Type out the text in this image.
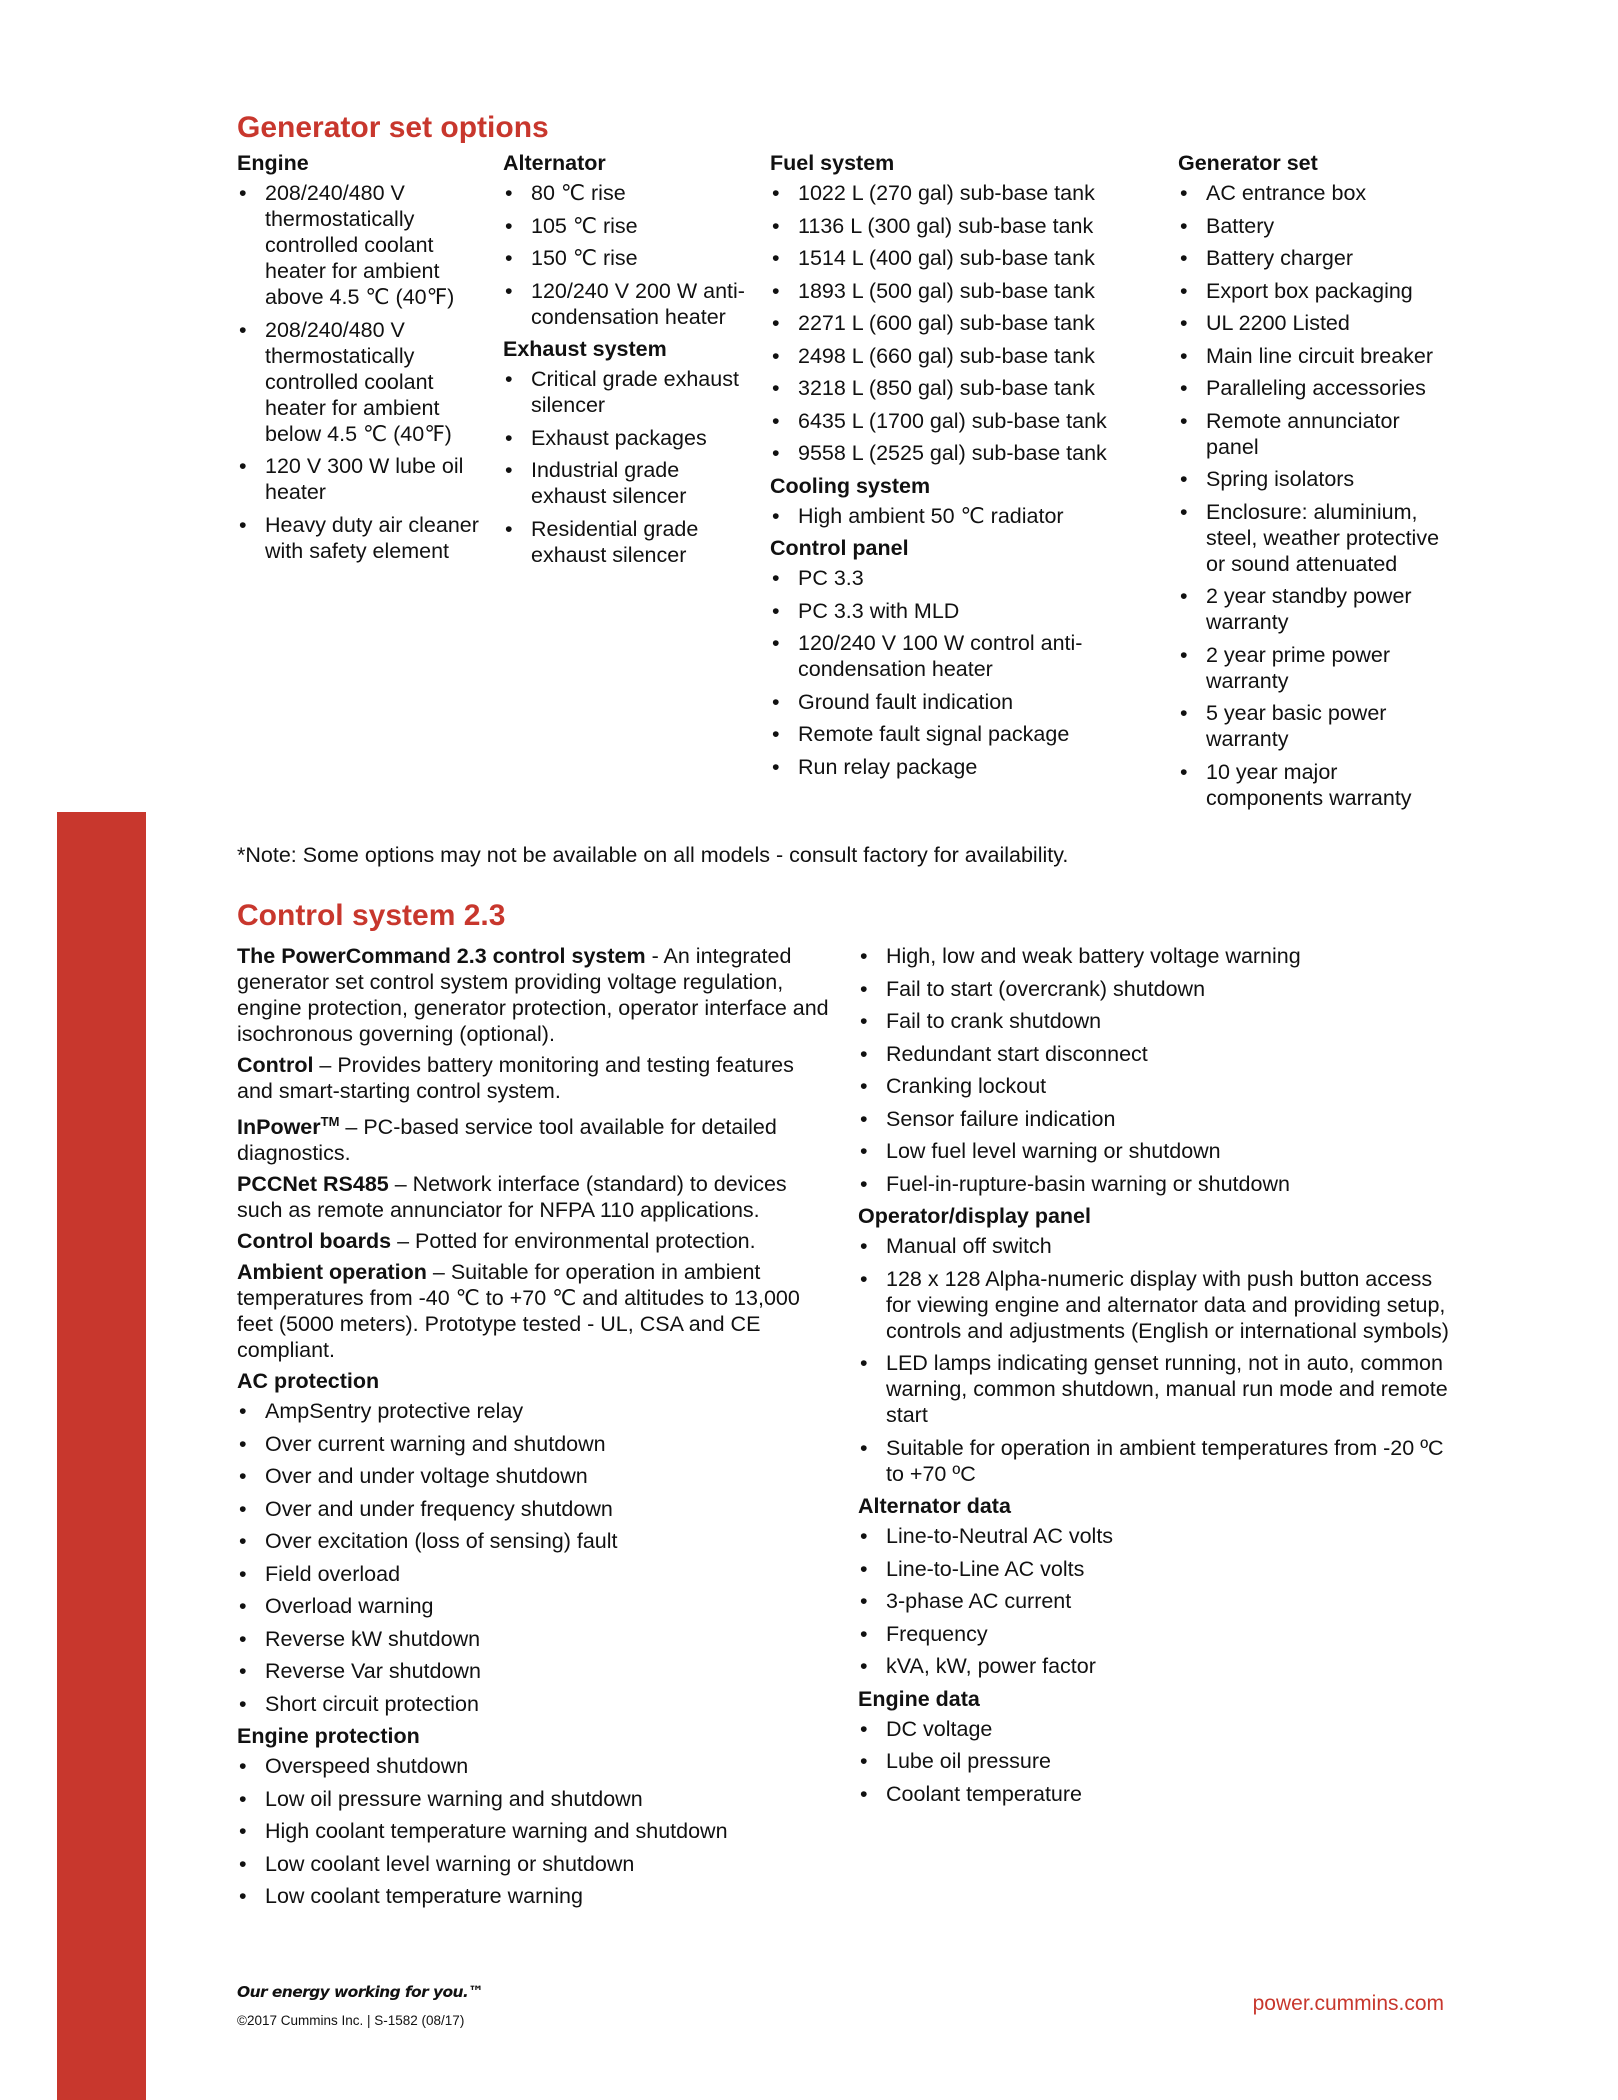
Generator set options
Engine
• 208/240/480 V thermostatically controlled coolant heater for ambient above 4.5 ℃ (40℉)
• 208/240/480 V thermostatically controlled coolant heater for ambient below 4.5 ℃ (40℉)
• 120 V 300 W lube oil heater
• Heavy duty air cleaner with safety element
Alternator
• 80 ℃ rise
• 105 ℃ rise
• 150 ℃ rise
• 120/240 V 200 W anti-condensation heater
Exhaust system
• Critical grade exhaust silencer
• Exhaust packages
• Industrial grade exhaust silencer
• Residential grade exhaust silencer
Fuel system
• 1022 L (270 gal) sub-base tank
• 1136 L (300 gal) sub-base tank
• 1514 L (400 gal) sub-base tank
• 1893 L (500 gal) sub-base tank
• 2271 L (600 gal) sub-base tank
• 2498 L (660 gal) sub-base tank
• 3218 L (850 gal) sub-base tank
• 6435 L (1700 gal) sub-base tank
• 9558 L (2525 gal) sub-base tank
Cooling system
• High ambient 50 ℃ radiator
Control panel
• PC 3.3
• PC 3.3 with MLD
• 120/240 V 100 W control anti-condensation heater
• Ground fault indication
• Remote fault signal package
• Run relay package
Generator set
• AC entrance box
• Battery
• Battery charger
• Export box packaging
• UL 2200 Listed
• Main line circuit breaker
• Paralleling accessories
• Remote annunciator panel
• Spring isolators
• Enclosure: aluminium, steel, weather protective or sound attenuated
• 2 year standby power warranty
• 2 year prime power warranty
• 5 year basic power warranty
• 10 year major components warranty
*Note: Some options may not be available on all models - consult factory for availability.
Control system 2.3
The PowerCommand 2.3 control system - An integrated generator set control system providing voltage regulation, engine protection, generator protection, operator interface and isochronous governing (optional).
Control – Provides battery monitoring and testing features and smart-starting control system.
InPower™ – PC-based service tool available for detailed diagnostics.
PCCNet RS485 – Network interface (standard) to devices such as remote annunciator for NFPA 110 applications.
Control boards – Potted for environmental protection.
Ambient operation – Suitable for operation in ambient temperatures from -40 ℃ to +70 ℃ and altitudes to 13,000 feet (5000 meters). Prototype tested - UL, CSA and CE compliant.
AC protection
• AmpSentry protective relay
• Over current warning and shutdown
• Over and under voltage shutdown
• Over and under frequency shutdown
• Over excitation (loss of sensing) fault
• Field overload
• Overload warning
• Reverse kW shutdown
• Reverse Var shutdown
• Short circuit protection
Engine protection
• Overspeed shutdown
• Low oil pressure warning and shutdown
• High coolant temperature warning and shutdown
• Low coolant level warning or shutdown
• Low coolant temperature warning
• High, low and weak battery voltage warning
• Fail to start (overcrank) shutdown
• Fail to crank shutdown
• Redundant start disconnect
• Cranking lockout
• Sensor failure indication
• Low fuel level warning or shutdown
• Fuel-in-rupture-basin warning or shutdown
Operator/display panel
• Manual off switch
• 128 x 128 Alpha-numeric display with push button access for viewing engine and alternator data and providing setup, controls and adjustments (English or international symbols)
• LED lamps indicating genset running, not in auto, common warning, common shutdown, manual run mode and remote start
• Suitable for operation in ambient temperatures from -20 ºC to +70 ºC
Alternator data
• Line-to-Neutral AC volts
• Line-to-Line AC volts
• 3-phase AC current
• Frequency
• kVA, kW, power factor
Engine data
• DC voltage
• Lube oil pressure
• Coolant temperature
Our energy working for you.™
©2017 Cummins Inc. | S-1582 (08/17)
power.cummins.com
